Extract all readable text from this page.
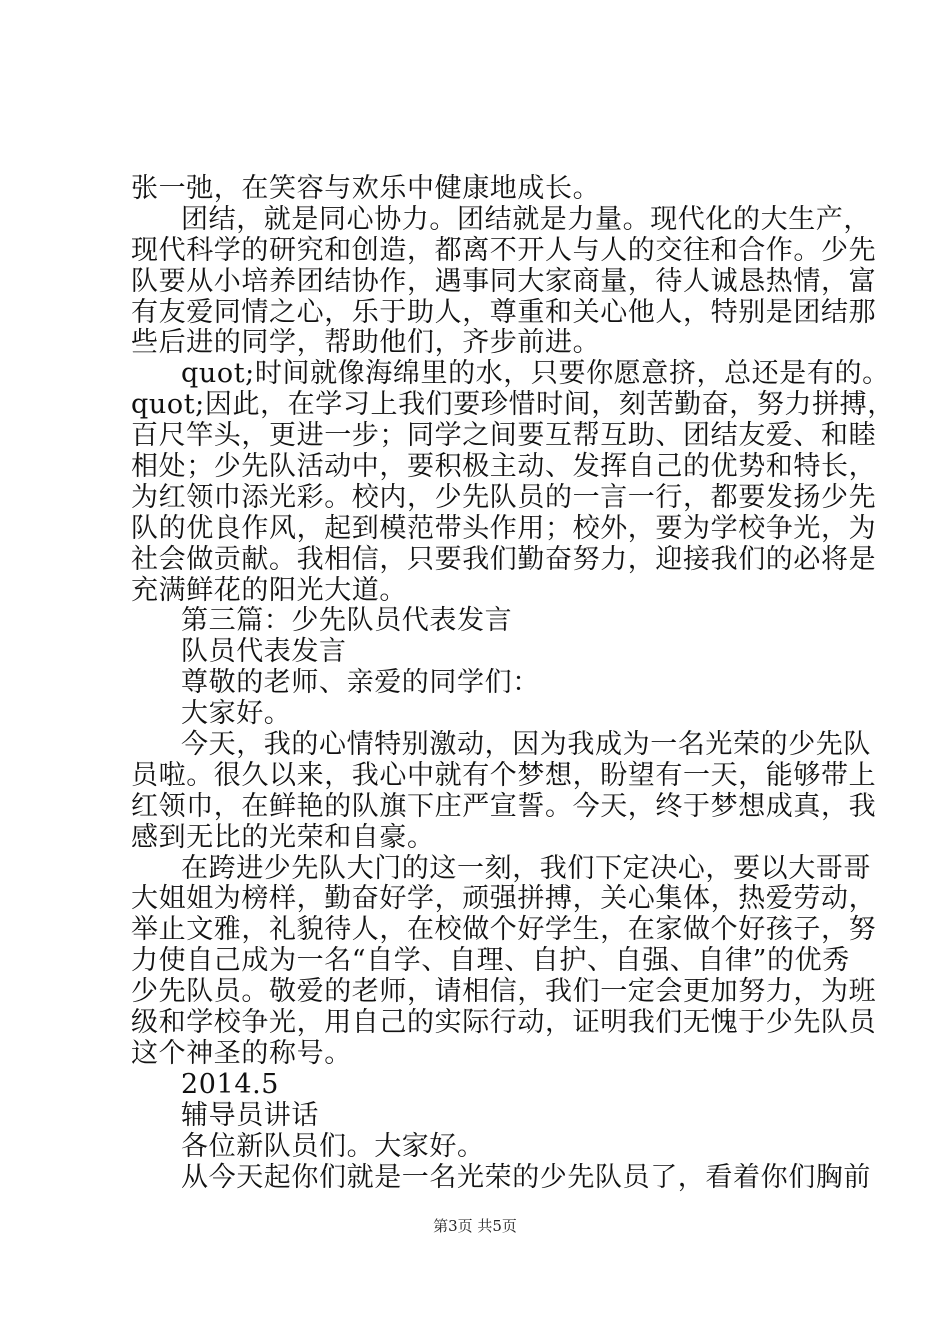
张一弛，在笑容与欢乐中健康地成长。
团结，就是同心协力。团结就是力量。现代化的大生产，
现代科学的研究和创造，都离不开人与人的交往和合作。少先
队要从小培养团结协作，遇事同大家商量，待人诚恳热情，富
有友爱同情之心，乐于助人，尊重和关心他人，特别是团结那
些后进的同学，帮助他们，齐步前进。
quot;时间就像海绵里的水，只要你愿意挤，总还是有的。
quot;因此，在学习上我们要珍惜时间，刻苦勤奋，努力拼搏，
百尺竿头，更进一步；同学之间要互帮互助、团结友爱、和睦
相处；少先队活动中，要积极主动、发挥自己的优势和特长，
为红领巾添光彩。校内，少先队员的一言一行，都要发扬少先
队的优良作风，起到模范带头作用；校外，要为学校争光，为
社会做贡献。我相信，只要我们勤奋努力，迎接我们的必将是
充满鲜花的阳光大道。
第三篇：少先队员代表发言
队员代表发言
尊敬的老师、亲爱的同学们：
大家好。
今天，我的心情特别激动，因为我成为一名光荣的少先队
员啦。很久以来，我心中就有个梦想，盼望有一天，能够带上
红领巾，在鲜艳的队旗下庄严宣誓。今天，终于梦想成真，我
感到无比的光荣和自豪。
在跨进少先队大门的这一刻，我们下定决心，要以大哥哥
大姐姐为榜样，勤奋好学，顽强拼搏，关心集体，热爱劳动，
举止文雅，礼貌待人，在校做个好学生，在家做个好孩子，努
力使自己成为一名“自学、自理、自护、自强、自律”的优秀
少先队员。敬爱的老师，请相信，我们一定会更加努力，为班
级和学校争光，用自己的实际行动，证明我们无愧于少先队员
这个神圣的称号。
2014.5
辅导员讲话
各位新队员们。大家好。
从今天起你们就是一名光荣的少先队员了，看着你们胸前
第3页 共5页
